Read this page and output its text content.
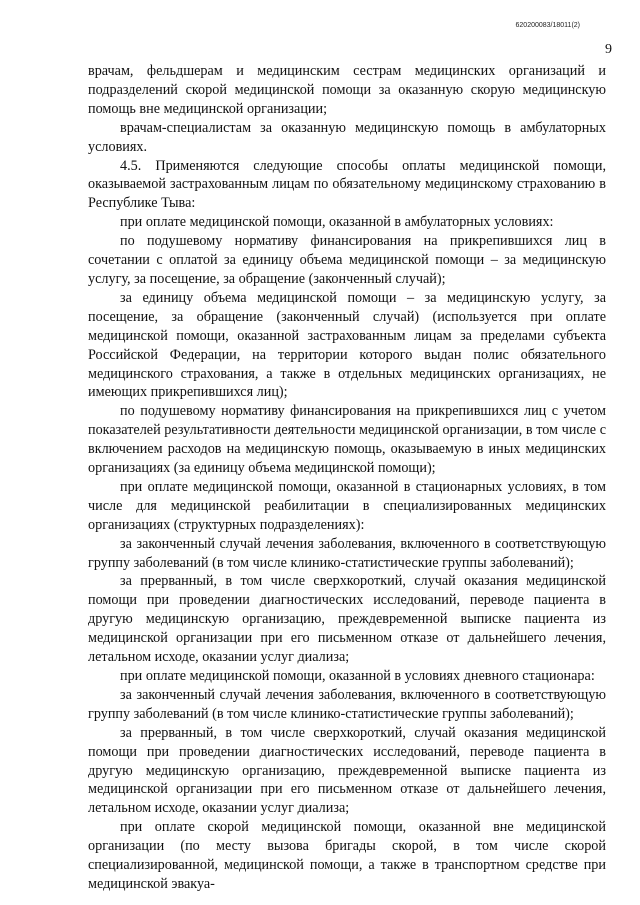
620200083/18011(2)
9

врачам, фельдшерам и медицинским сестрам медицинских организаций и подразделений скорой медицинской помощи за оказанную скорую медицинскую помощь вне медицинской организации;

врачам-специалистам за оказанную медицинскую помощь в амбулаторных условиях.

4.5. Применяются следующие способы оплаты медицинской помощи, оказываемой застрахованным лицам по обязательному медицинскому страхованию в Республике Тыва:

при оплате медицинской помощи, оказанной в амбулаторных условиях:

по подушевому нормативу финансирования на прикрепившихся лиц в сочетании с оплатой за единицу объема медицинской помощи – за медицинскую услугу, за посещение, за обращение (законченный случай);

за единицу объема медицинской помощи – за медицинскую услугу, за посещение, за обращение (законченный случай) (используется при оплате медицинской помощи, оказанной застрахованным лицам за пределами субъекта Российской Федерации, на территории которого выдан полис обязательного медицинского страхования, а также в отдельных медицинских организациях, не имеющих прикрепившихся лиц);

по подушевому нормативу финансирования на прикрепившихся лиц с учетом показателей результативности деятельности медицинской организации, в том числе с включением расходов на медицинскую помощь, оказываемую в иных медицинских организациях (за единицу объема медицинской помощи);

при оплате медицинской помощи, оказанной в стационарных условиях, в том числе для медицинской реабилитации в специализированных медицинских организациях (структурных подразделениях):

за законченный случай лечения заболевания, включенного в соответствующую группу заболеваний (в том числе клинико-статистические группы заболеваний);

за прерванный, в том числе сверхкороткий, случай оказания медицинской помощи при проведении диагностических исследований, переводе пациента в другую медицинскую организацию, преждевременной выписке пациента из медицинской организации при его письменном отказе от дальнейшего лечения, летальном исходе, оказании услуг диализа;

при оплате медицинской помощи, оказанной в условиях дневного стационара:

за законченный случай лечения заболевания, включенного в соответствующую группу заболеваний (в том числе клинико-статистические группы заболеваний);

за прерванный, в том числе сверхкороткий, случай оказания медицинской помощи при проведении диагностических исследований, переводе пациента в другую медицинскую организацию, преждевременной выписке пациента из медицинской организации при его письменном отказе от дальнейшего лечения, летальном исходе, оказании услуг диализа;

при оплате скорой медицинской помощи, оказанной вне медицинской организации (по месту вызова бригады скорой, в том числе скорой специализированной, медицинской помощи, а также в транспортном средстве при медицинской эвакуа-
